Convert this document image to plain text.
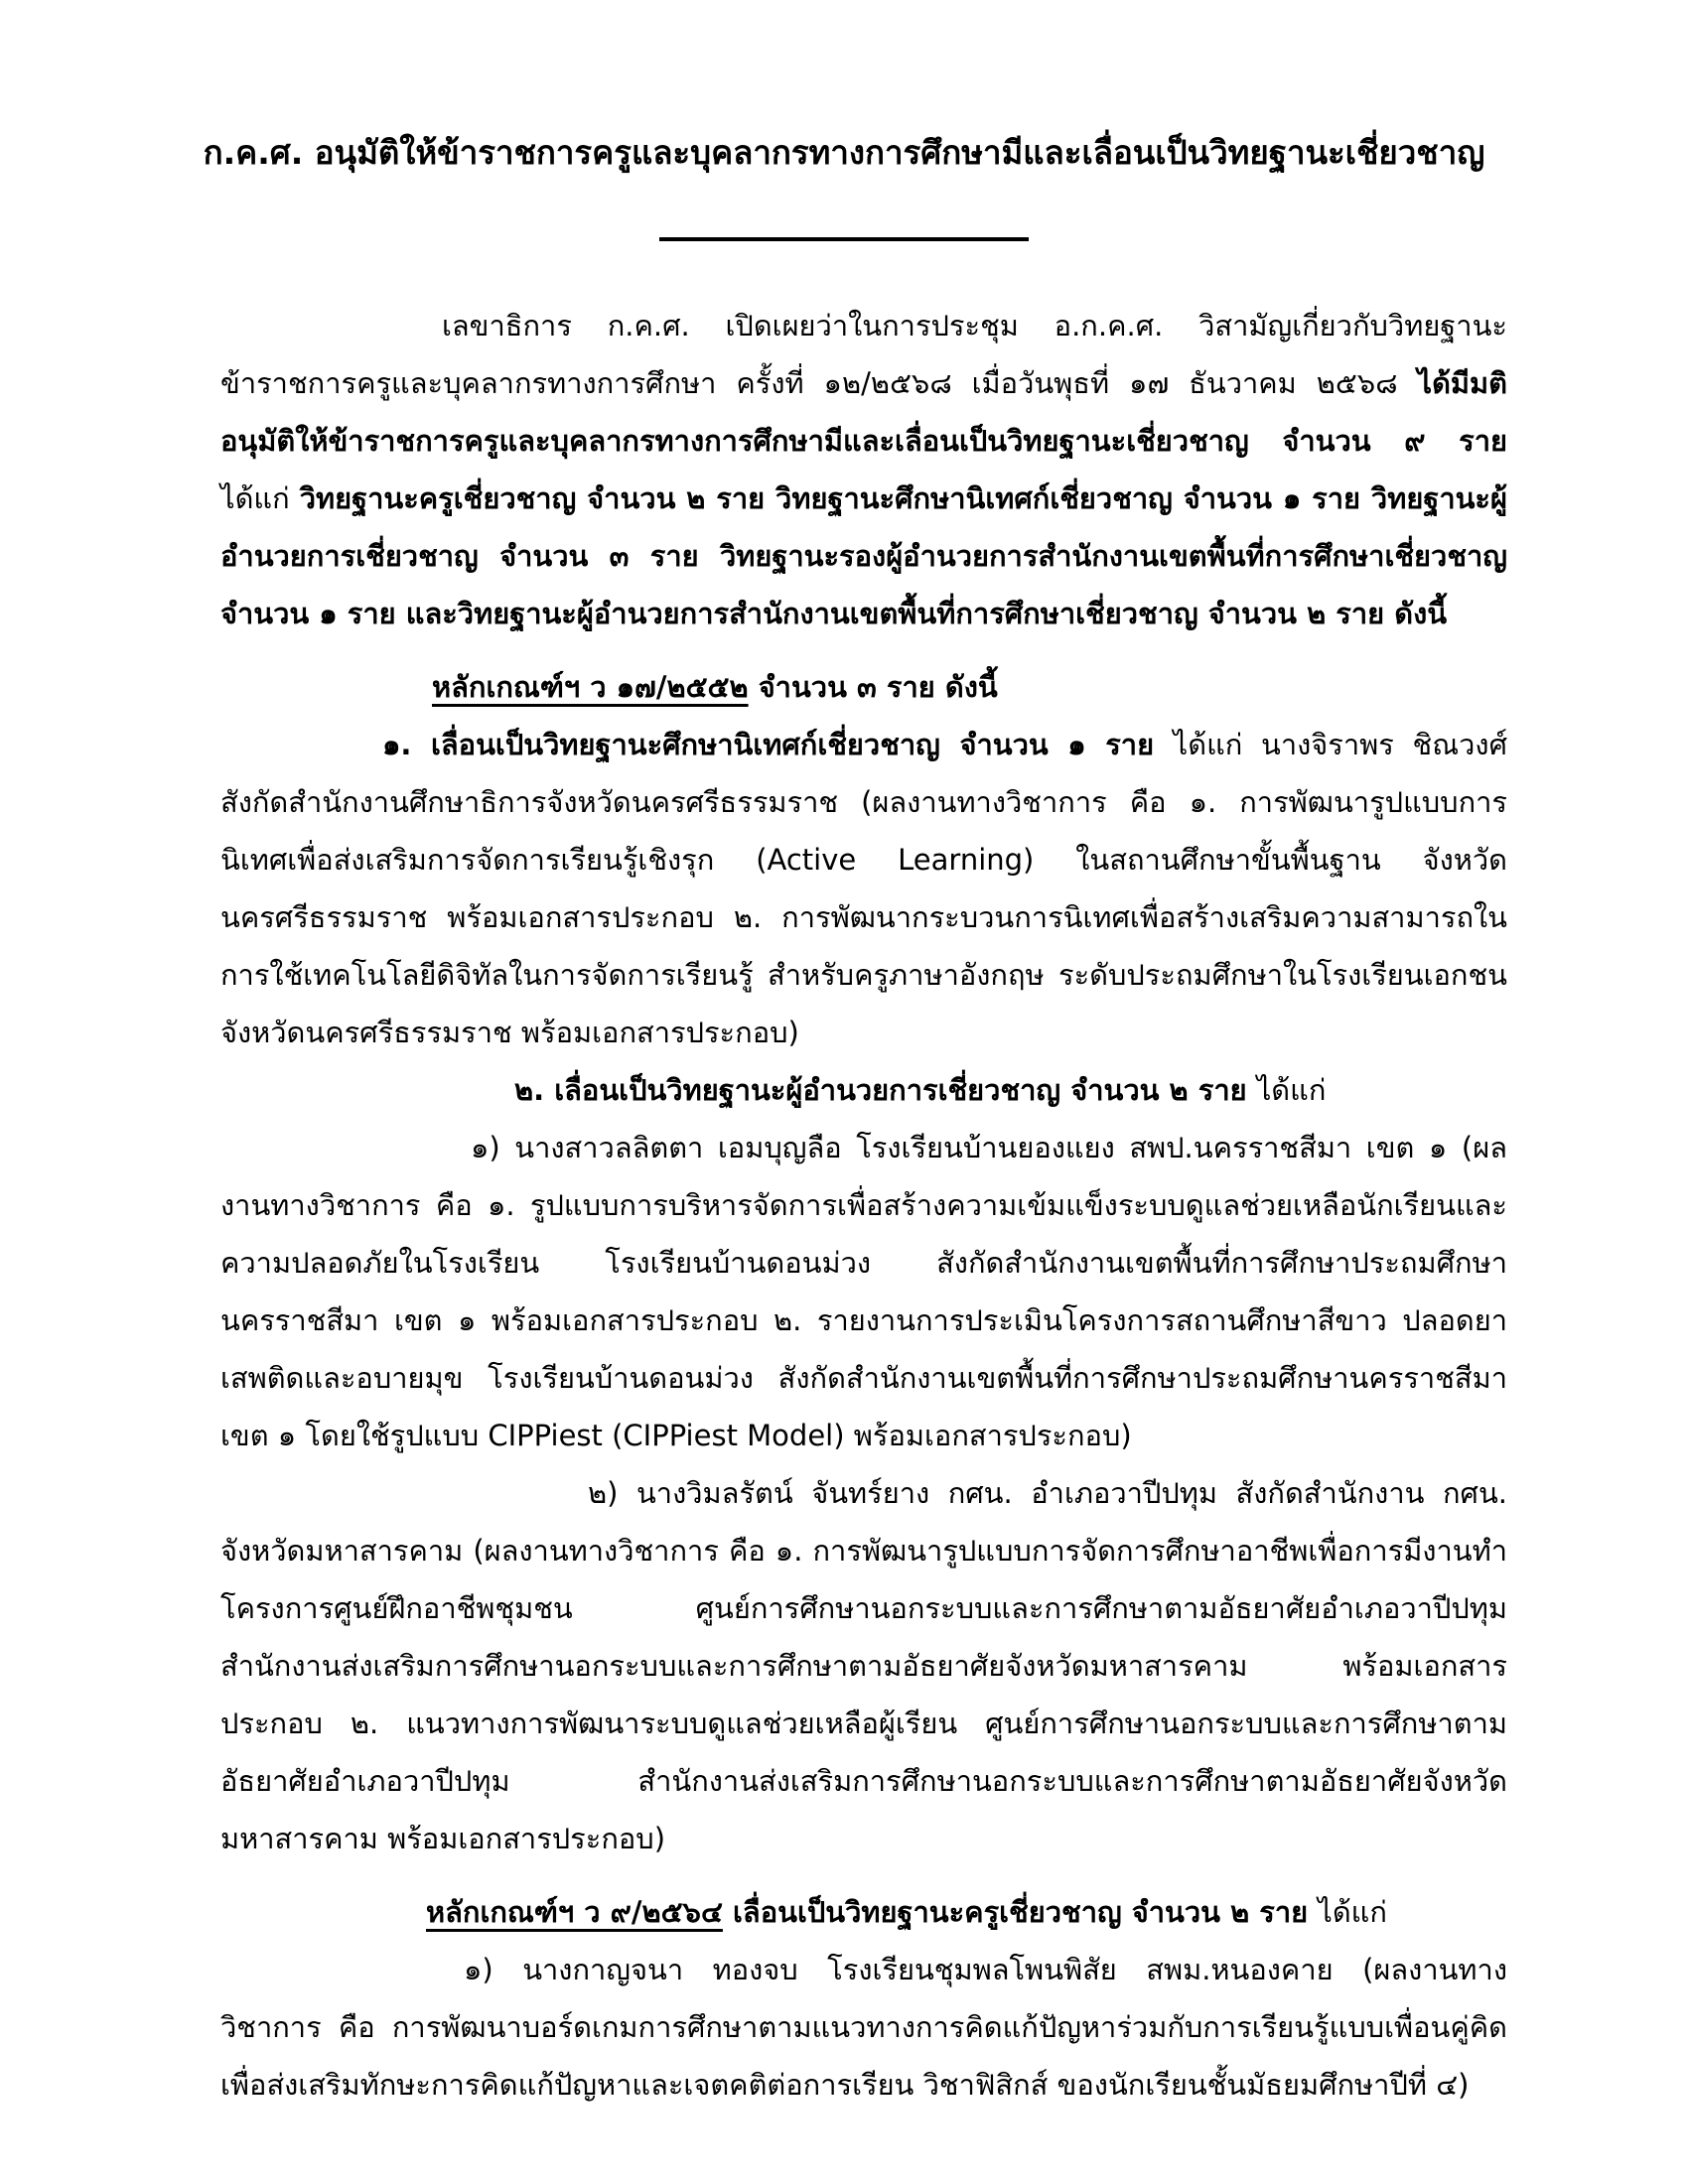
ก.ค.ศ. อนุมัติให้ข้าราชการครูและบุคลากรทางการศึกษามีและเลื่อนเป็นวิทยฐานะเชี่ยวชาญ

เลขาธิการ ก.ค.ศ. เปิดเผยว่าในการประชุม อ.ก.ค.ศ. วิสามัญเกี่ยวกับวิทยฐานะข้าราชการครูและบุคลากรทางการศึกษา ครั้งที่ ๑๒/๒๕๖๘ เมื่อวันพุธที่ ๑๗ ธันวาคม ๒๕๖๘ ได้มีมติอนุมัติให้ข้าราชการครูและบุคลากรทางการศึกษามีและเลื่อนเป็นวิทยฐานะเชี่ยวชาญ จำนวน ๙ ราย ได้แก่ วิทยฐานะครูเชี่ยวชาญ จำนวน ๒ ราย วิทยฐานะศึกษานิเทศก์เชี่ยวชาญ จำนวน ๑ ราย วิทยฐานะผู้อำนวยการเชี่ยวชาญ จำนวน ๓ ราย วิทยฐานะรองผู้อำนวยการสำนักงานเขตพื้นที่การศึกษาเชี่ยวชาญ จำนวน ๑ ราย และวิทยฐานะผู้อำนวยการสำนักงานเขตพื้นที่การศึกษาเชี่ยวชาญ จำนวน ๒ ราย ดังนี้

หลักเกณฑ์ฯ ว ๑๗/๒๕๕๒ จำนวน ๓ ราย ดังนี้

๑. เลื่อนเป็นวิทยฐานะศึกษานิเทศก์เชี่ยวชาญ จำนวน ๑ ราย ได้แก่ นางจิราพร ชิณวงศ์ สังกัดสำนักงานศึกษาธิการจังหวัดนครศรีธรรมราช (ผลงานทางวิชาการ คือ ๑. การพัฒนารูปแบบการนิเทศเพื่อส่งเสริมการจัดการเรียนรู้เชิงรุก (Active Learning) ในสถานศึกษาขั้นพื้นฐาน จังหวัดนครศรีธรรมราช พร้อมเอกสารประกอบ ๒. การพัฒนากระบวนการนิเทศเพื่อสร้างเสริมความสามารถในการใช้เทคโนโลยีดิจิทัลในการจัดการเรียนรู้ สำหรับครูภาษาอังกฤษ ระดับประถมศึกษาในโรงเรียนเอกชน จังหวัดนครศรีธรรมราช พร้อมเอกสารประกอบ)

๒. เลื่อนเป็นวิทยฐานะผู้อำนวยการเชี่ยวชาญ จำนวน ๒ ราย ได้แก่

๑) นางสาวลลิตตา เอมบุญลือ โรงเรียนบ้านยองแยง สพป.นครราชสีมา เขต ๑ (ผลงานทางวิชาการ คือ ๑. รูปแบบการบริหารจัดการเพื่อสร้างความเข้มแข็งระบบดูแลช่วยเหลือนักเรียนและความปลอดภัยในโรงเรียน โรงเรียนบ้านดอนม่วง สังกัดสำนักงานเขตพื้นที่การศึกษาประถมศึกษานครราชสีมา เขต ๑ พร้อมเอกสารประกอบ ๒. รายงานการประเมินโครงการสถานศึกษาสีขาว ปลอดยาเสพติดและอบายมุข โรงเรียนบ้านดอนม่วง สังกัดสำนักงานเขตพื้นที่การศึกษาประถมศึกษานครราชสีมา เขต ๑ โดยใช้รูปแบบ CIPPiest (CIPPiest Model) พร้อมเอกสารประกอบ)

๒) นางวิมลรัตน์ จันทร์ยาง กศน. อำเภอวาปีปทุม สังกัดสำนักงาน กศน. จังหวัดมหาสารคาม (ผลงานทางวิชาการ คือ ๑. การพัฒนารูปแบบการจัดการศึกษาอาชีพเพื่อการมีงานทำ โครงการศูนย์ฝึกอาชีพชุมชน ศูนย์การศึกษานอกระบบและการศึกษาตามอัธยาศัยอำเภอวาปีปทุม สำนักงานส่งเสริมการศึกษานอกระบบและการศึกษาตามอัธยาศัยจังหวัดมหาสารคาม พร้อมเอกสารประกอบ ๒. แนวทางการพัฒนาระบบดูแลช่วยเหลือผู้เรียน ศูนย์การศึกษานอกระบบและการศึกษาตามอัธยาศัยอำเภอวาปีปทุม สำนักงานส่งเสริมการศึกษานอกระบบและการศึกษาตามอัธยาศัยจังหวัดมหาสารคาม พร้อมเอกสารประกอบ)

หลักเกณฑ์ฯ ว ๙/๒๕๖๔ เลื่อนเป็นวิทยฐานะครูเชี่ยวชาญ จำนวน ๒ ราย ได้แก่

๑) นางกาญจนา ทองจบ โรงเรียนชุมพลโพนพิสัย สพม.หนองคาย (ผลงานทางวิชาการ คือ การพัฒนาบอร์ดเกมการศึกษาตามแนวทางการคิดแก้ปัญหาร่วมกับการเรียนรู้แบบเพื่อนคู่คิด เพื่อส่งเสริมทักษะการคิดแก้ปัญหาและเจตคติต่อการเรียน วิชาฟิสิกส์ ของนักเรียนชั้นมัธยมศึกษาปีที่ ๔)
